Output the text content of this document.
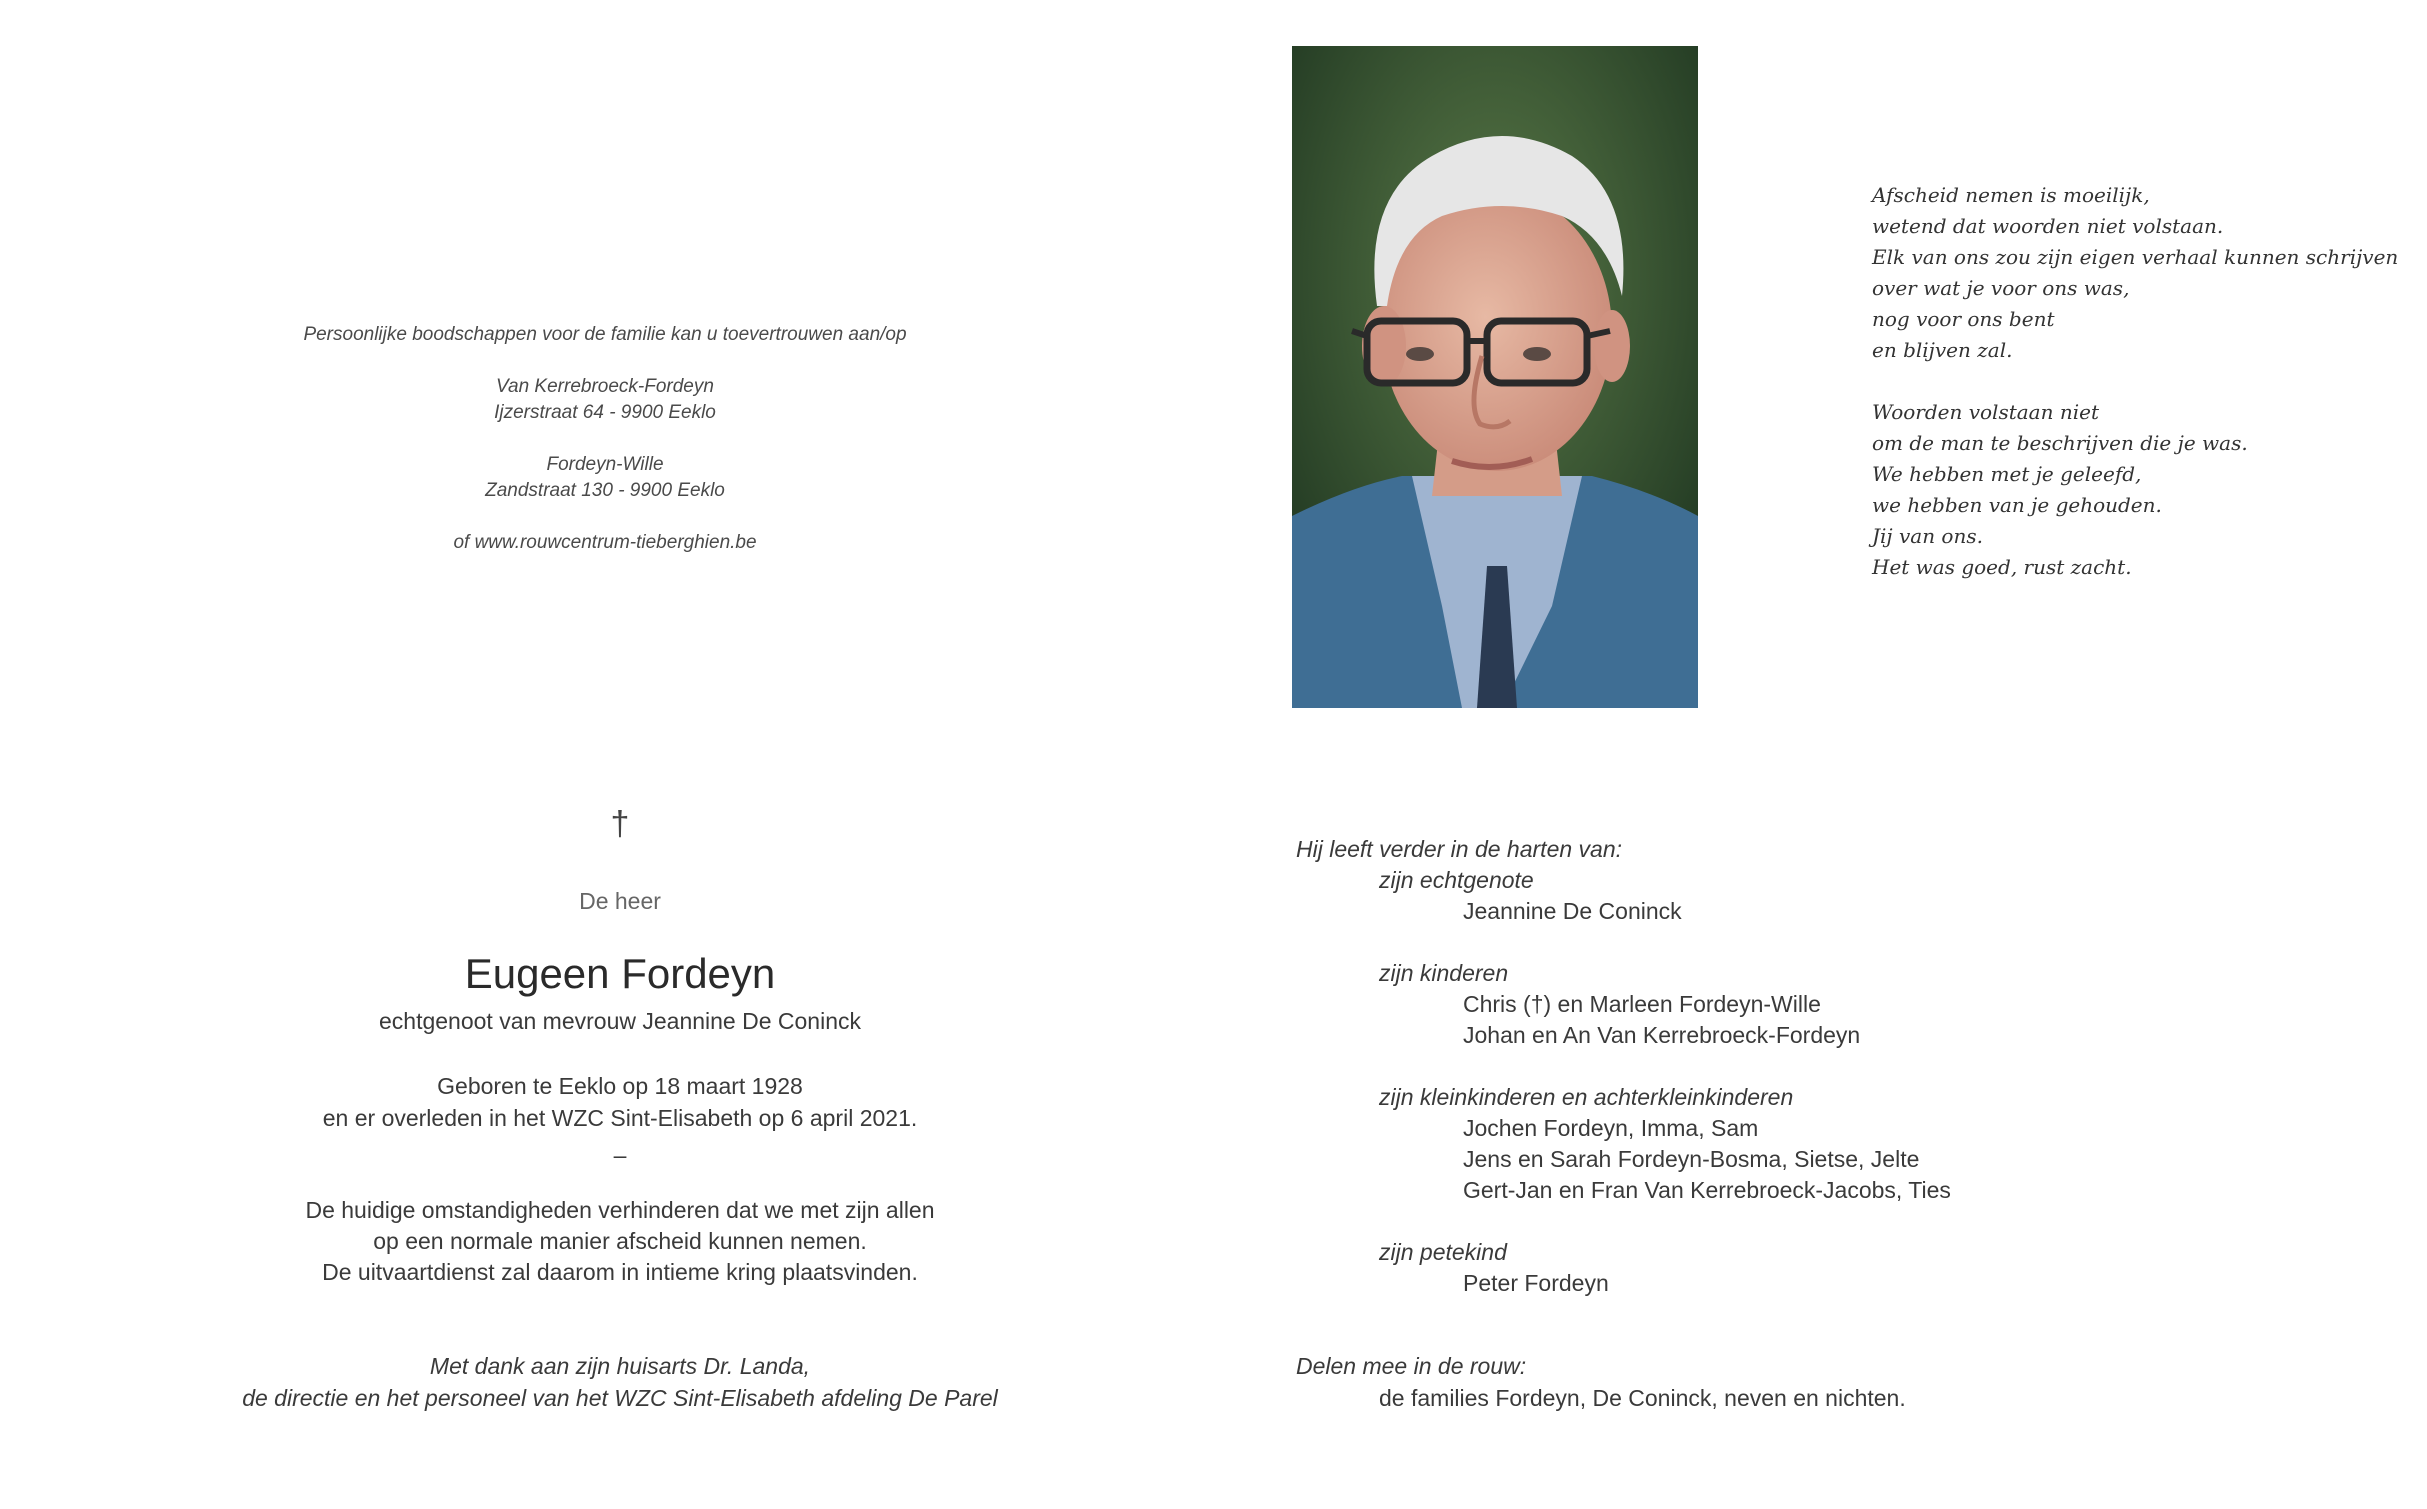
Persoonlijke boodschappen voor de familie kan u toevertrouwen aan/op
Van Kerrebroeck-Fordeyn
Ijzerstraat 64 - 9900 Eeklo
Fordeyn-Wille
Zandstraat 130 - 9900 Eeklo
of www.rouwcentrum-tieberghien.be
Afscheid nemen is moeilijk,
wetend dat woorden niet volstaan.
Elk van ons zou zijn eigen verhaal kunnen schrijven
over wat je voor ons was,
nog voor ons bent
en blijven zal.
Woorden volstaan niet
om de man te beschrijven die je was.
We hebben met je geleefd,
we hebben van je gehouden.
Jij van ons.
Het was goed, rust zacht.
†
De heer
Eugeen Fordeyn
echtgenoot van mevrouw Jeannine De Coninck
Geboren te Eeklo op 18 maart 1928
en er overleden in het WZC Sint-Elisabeth op 6 april 2021.
–
De huidige omstandigheden verhinderen dat we met zijn allen
op een normale manier afscheid kunnen nemen.
De uitvaartdienst zal daarom in intieme kring plaatsvinden.
Met dank aan zijn huisarts Dr. Landa,
de directie en het personeel van het WZC Sint-Elisabeth afdeling De Parel
Hij leeft verder in de harten van:
zijn echtgenote
Jeannine De Coninck
zijn kinderen
Chris (†) en Marleen Fordeyn-Wille
Johan en An Van Kerrebroeck-Fordeyn
zijn kleinkinderen en achterkleinkinderen
Jochen Fordeyn, Imma, Sam
Jens en Sarah Fordeyn-Bosma, Sietse, Jelte
Gert-Jan en Fran Van Kerrebroeck-Jacobs, Ties
zijn petekind
Peter Fordeyn
Delen mee in de rouw:
de families Fordeyn, De Coninck, neven en nichten.
